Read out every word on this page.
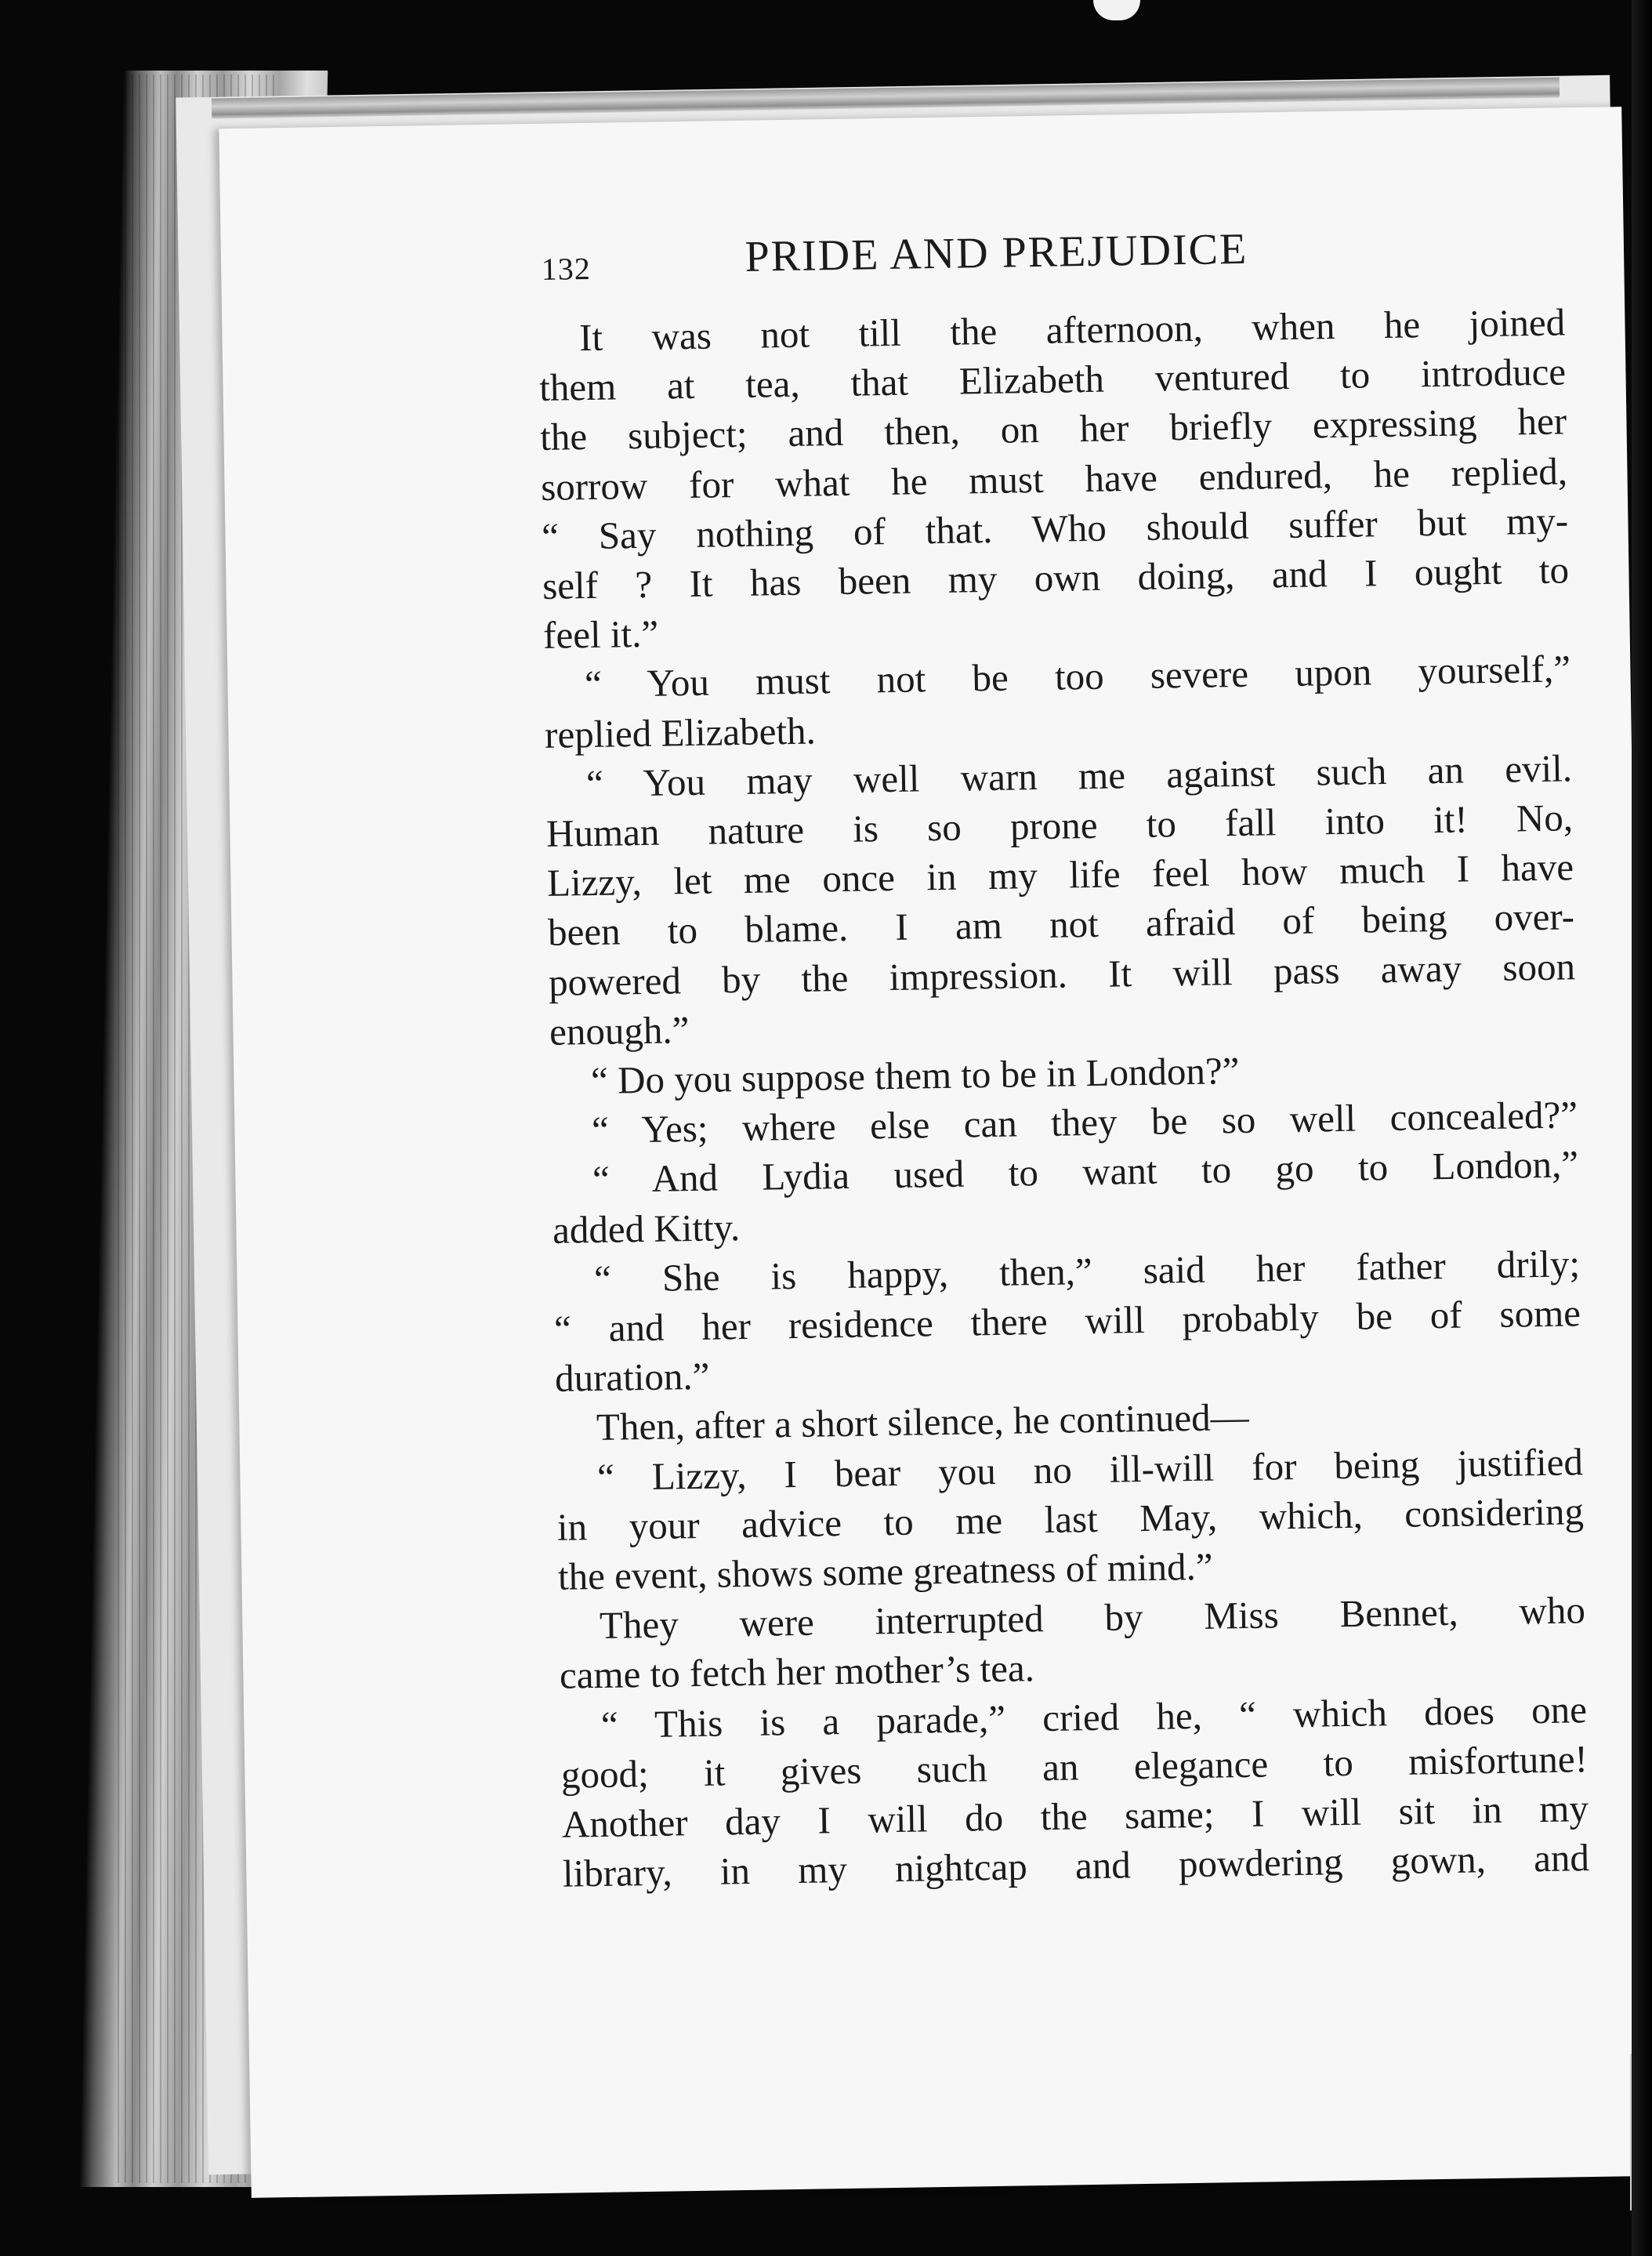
132	PRIDE AND PREJUDICE
It was not till the afternoon, when he joined
them at tea, that Elizabeth ventured to introduce
the subject; and then, on her briefly expressing her
sorrow for what he must have endured, he replied,
“ Say nothing of that. Who should suffer but my-
self ? It has been my own doing, and I ought to
feel it.”
“ You must not be too severe upon yourself,”
replied Elizabeth.
“ You may well warn me against such an evil.
Human nature is so prone to fall into it! No,
Lizzy, let me once in my life feel how much I have
been to blame. I am not afraid of being over-
powered by the impression. It will pass away soon
enough.”
“ Do you suppose them to be in London?”
“ Yes; where else can they be so well concealed?”
“ And Lydia used to want to go to London,”
added Kitty.
“ She is happy, then,” said her father drily;
“ and her residence there will probably be of some
duration.”
Then, after a short silence, he continued—
“ Lizzy, I bear you no ill-will for being justified
in your advice to me last May, which, considering
the event, shows some greatness of mind.”
They were interrupted by Miss Bennet, who
came to fetch her mother’s tea.
“ This is a parade,” cried he, “ which does one
good; it gives such an elegance to misfortune!
Another day I will do the same; I will sit in my
library, in my nightcap and powdering gown, and
